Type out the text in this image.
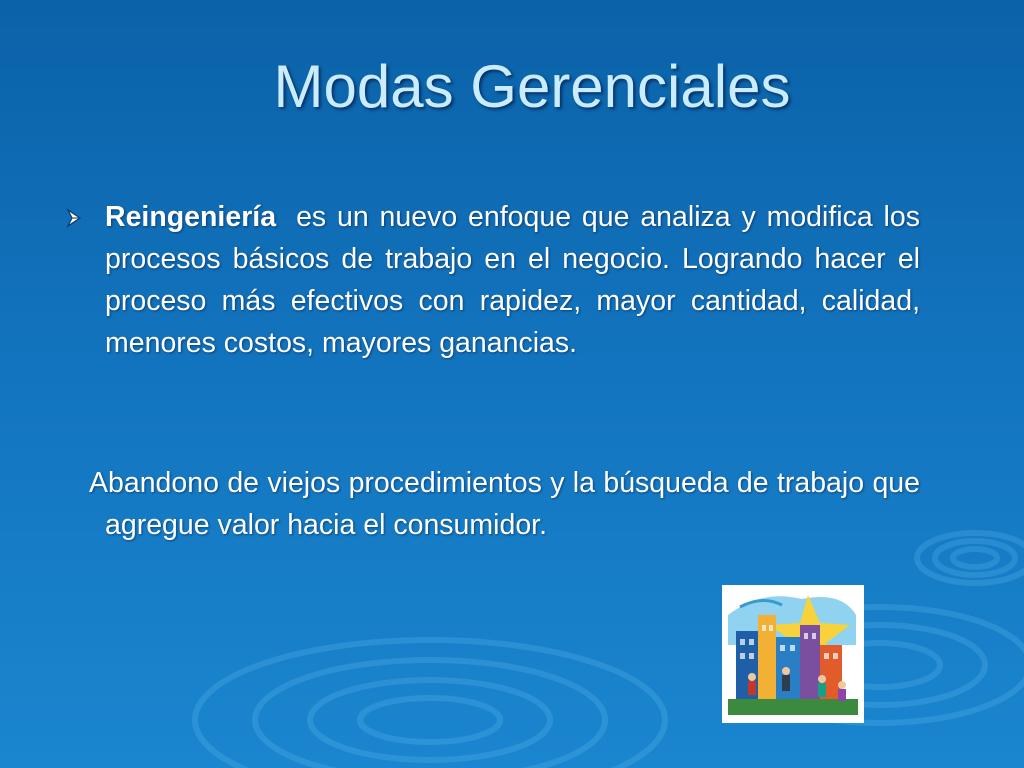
Modas Gerenciales

Reingeniería es un nuevo enfoque que analiza y modifica los procesos básicos de trabajo en el negocio. Logrando hacer el proceso más efectivos con rapidez, mayor cantidad, calidad, menores costos, mayores ganancias.

Abandono de viejos procedimientos y la búsqueda de trabajo que agregue valor hacia el consumidor.
